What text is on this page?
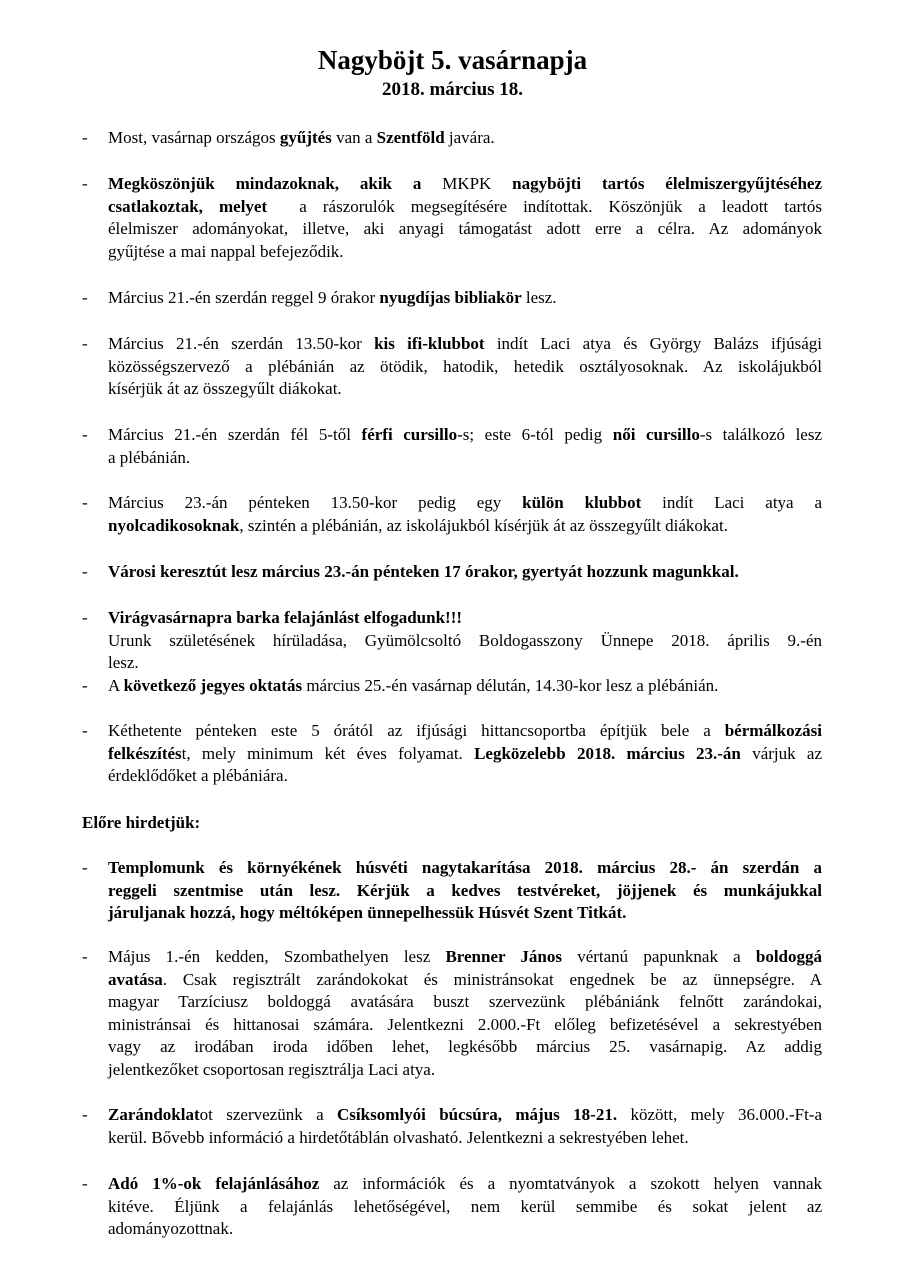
Nagyböjt 5. vasárnapja
2018. március 18.
- Most, vasárnap országos gyűjtés van a Szentföld javára.
- Megköszönjük mindazoknak, akik a MKPK nagyböjti tartós élelmiszergyűjtéséhez
csatlakoztak, melyet a rászorulók megsegítésére indítottak. Köszönjük a leadott tartós
élelmiszer adományokat, illetve, aki anyagi támogatást adott erre a célra. Az adományok
gyűjtése a mai nappal befejeződik.
- Március 21.-én szerdán reggel 9 órakor nyugdíjas bibliakör lesz.
- Március 21.-én szerdán 13.50-kor kis ifi-klubbot indít Laci atya és György Balázs ifjúsági
közösségszervező a plébánián az ötödik, hatodik, hetedik osztályosoknak. Az iskolájukból
kísérjük át az összegyűlt diákokat.
- Március 21.-én szerdán fél 5-től férfi cursillo-s; este 6-tól pedig női cursillo-s találkozó lesz
a plébánián.
- Március 23.-án pénteken 13.50-kor pedig egy külön klubbot indít Laci atya a
nyolcadikosoknak, szintén a plébánián, az iskolájukból kísérjük át az összegyűlt diákokat.
- Városi keresztút lesz március 23.-án pénteken 17 órakor, gyertyát hozzunk magunkkal.
- Virágvasárnapra barka felajánlást elfogadunk!!!
Urunk születésének hírüladása, Gyümölcsoltó Boldogasszony Ünnepe 2018. április 9.-én
lesz.
- A következő jegyes oktatás március 25.-én vasárnap délután, 14.30-kor lesz a plébánián.
- Kéthetente pénteken este 5 órától az ifjúsági hittancsoportba építjük bele a bérmálkozási
felkészítést, mely minimum két éves folyamat. Legközelebb 2018. március 23.-án várjuk az
érdeklődőket a plébániára.
Előre hirdetjük:
- Templomunk és környékének húsvéti nagytakarítása 2018. március 28.- án szerdán a
reggeli szentmise után lesz. Kérjük a kedves testvéreket, jöjjenek és munkájukkal
járuljanak hozzá, hogy méltóképen ünnepelhessük Húsvét Szent Titkát.
- Május 1.-én kedden, Szombathelyen lesz Brenner János vértanú papunknak a boldoggá
avatása. Csak regisztrált zarándokokat és ministránsokat engednek be az ünnepségre. A
magyar Tarzíciusz boldoggá avatására buszt szervezünk plébániánk felnőtt zarándokai,
ministránsai és hittanosai számára. Jelentkezni 2.000.-Ft előleg befizetésével a sekrestyében
vagy az irodában iroda időben lehet, legkésőbb március 25. vasárnapig. Az addig
jelentkezőket csoportosan regisztrálja Laci atya.
- Zarándoklatot szervezünk a Csíksomlyói búcsúra, május 18-21. között, mely 36.000.-Ft-a
kerül. Bővebb információ a hirdetőtáblán olvasható. Jelentkezni a sekrestyében lehet.
- Adó 1%-ok felajánlásához az információk és a nyomtatványok a szokott helyen vannak
kitéve. Éljünk a felajánlás lehetőségével, nem kerül semmibe és sokat jelent az
adományozottnak.
